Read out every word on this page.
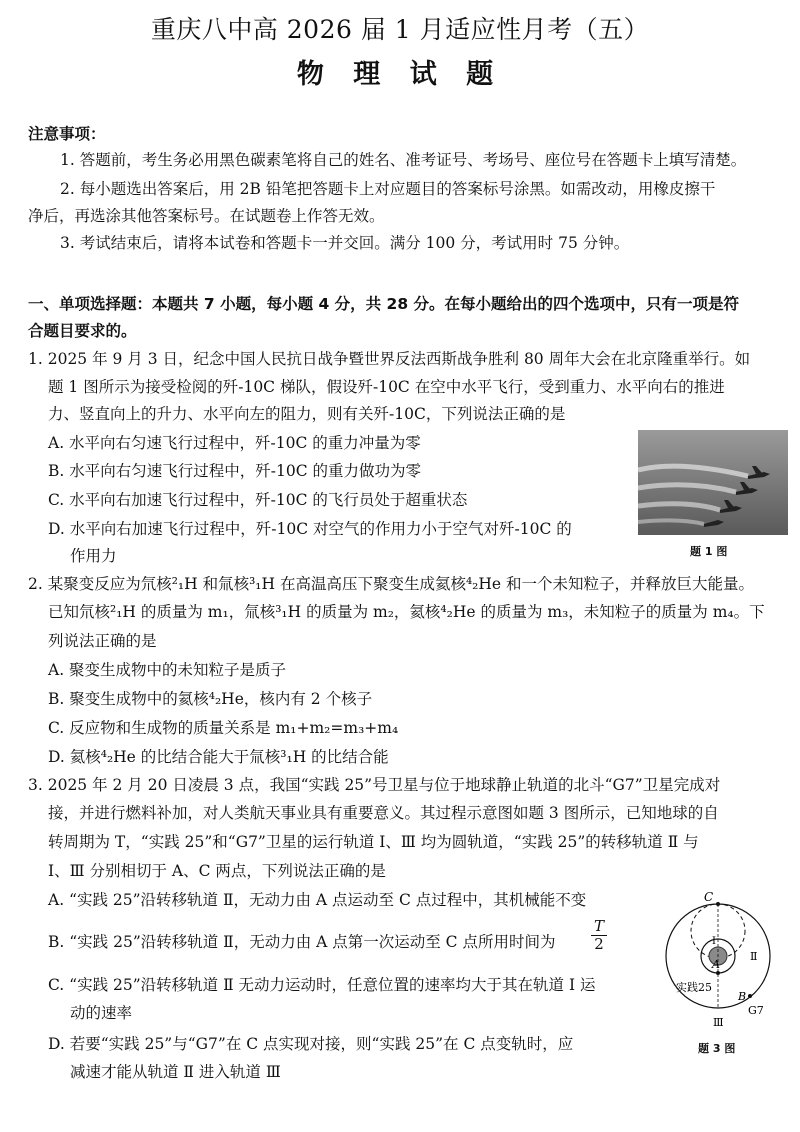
重庆八中高 2026 届 1 月适应性月考（五）
物 理 试 题
注意事项：
1. 答题前，考生务必用黑色碳素笔将自己的姓名、准考证号、考场号、座位号在答题卡上填写清楚。
2. 每小题选出答案后，用 2B 铅笔把答题卡上对应题目的答案标号涂黑。如需改动，用橡皮擦干
净后，再选涂其他答案标号。在试题卷上作答无效。
3. 考试结束后，请将本试卷和答题卡一并交回。满分 100 分，考试用时 75 分钟。
一、单项选择题：本题共 7 小题，每小题 4 分，共 28 分。在每小题给出的四个选项中，只有一项是符
合题目要求的。
1. 2025 年 9 月 3 日，纪念中国人民抗日战争暨世界反法西斯战争胜利 80 周年大会在北京隆重举行。如
题 1 图所示为接受检阅的歼-10C 梯队，假设歼-10C 在空中水平飞行，受到重力、水平向右的推进
力、竖直向上的升力、水平向左的阻力，则有关歼-10C，下列说法正确的是
A. 水平向右匀速飞行过程中，歼-10C 的重力冲量为零
B. 水平向右匀速飞行过程中，歼-10C 的重力做功为零
C. 水平向右加速飞行过程中，歼-10C 的飞行员处于超重状态
D. 水平向右加速飞行过程中，歼-10C 对空气的作用力小于空气对歼-10C 的
作用力	题 1 图
2. 某聚变反应为氘核²₁H 和氚核³₁H 在高温高压下聚变生成氦核⁴₂He 和一个未知粒子，并释放巨大能量。
已知氘核²₁H 的质量为 m₁，氚核³₁H 的质量为 m₂，氦核⁴₂He 的质量为 m₃，未知粒子的质量为 m₄。下
列说法正确的是
A. 聚变生成物中的未知粒子是质子
B. 聚变生成物中的氦核⁴₂He，核内有 2 个核子
C. 反应物和生成物的质量关系是 m₁+m₂=m₃+m₄
D. 氦核⁴₂He 的比结合能大于氚核³₁H 的比结合能
3. 2025 年 2 月 20 日凌晨 3 点，我国“实践 25”号卫星与位于地球静止轨道的北斗“G7”卫星完成对
接，并进行燃料补加，对人类航天事业具有重要意义。其过程示意图如题 3 图所示，已知地球的自
转周期为 T，“实践 25”和“G7”卫星的运行轨道 Ⅰ、Ⅲ 均为圆轨道，“实践 25”的转移轨道 Ⅱ 与
Ⅰ、Ⅲ 分别相切于 A、C 两点，下列说法正确的是
A. “实践 25”沿转移轨道 Ⅱ，无动力由 A 点运动至 C 点过程中，其机械能不变
B. “实践 25”沿转移轨道 Ⅱ，无动力由 A 点第一次运动至 C 点所用时间为 $\frac{T}{2}$
C. “实践 25”沿转移轨道 Ⅱ 无动力运动时，任意位置的速率均大于其在轨道 Ⅰ 运
动的速率
D. 若要“实践 25”与“G7”在 C 点实现对接，则“实践 25”在 C 点变轨时，应
减速才能从轨道 Ⅱ 进入轨道 Ⅲ
C
Ⅰ
Ⅱ
A
B
实践25
G7
Ⅲ
题 3 图
